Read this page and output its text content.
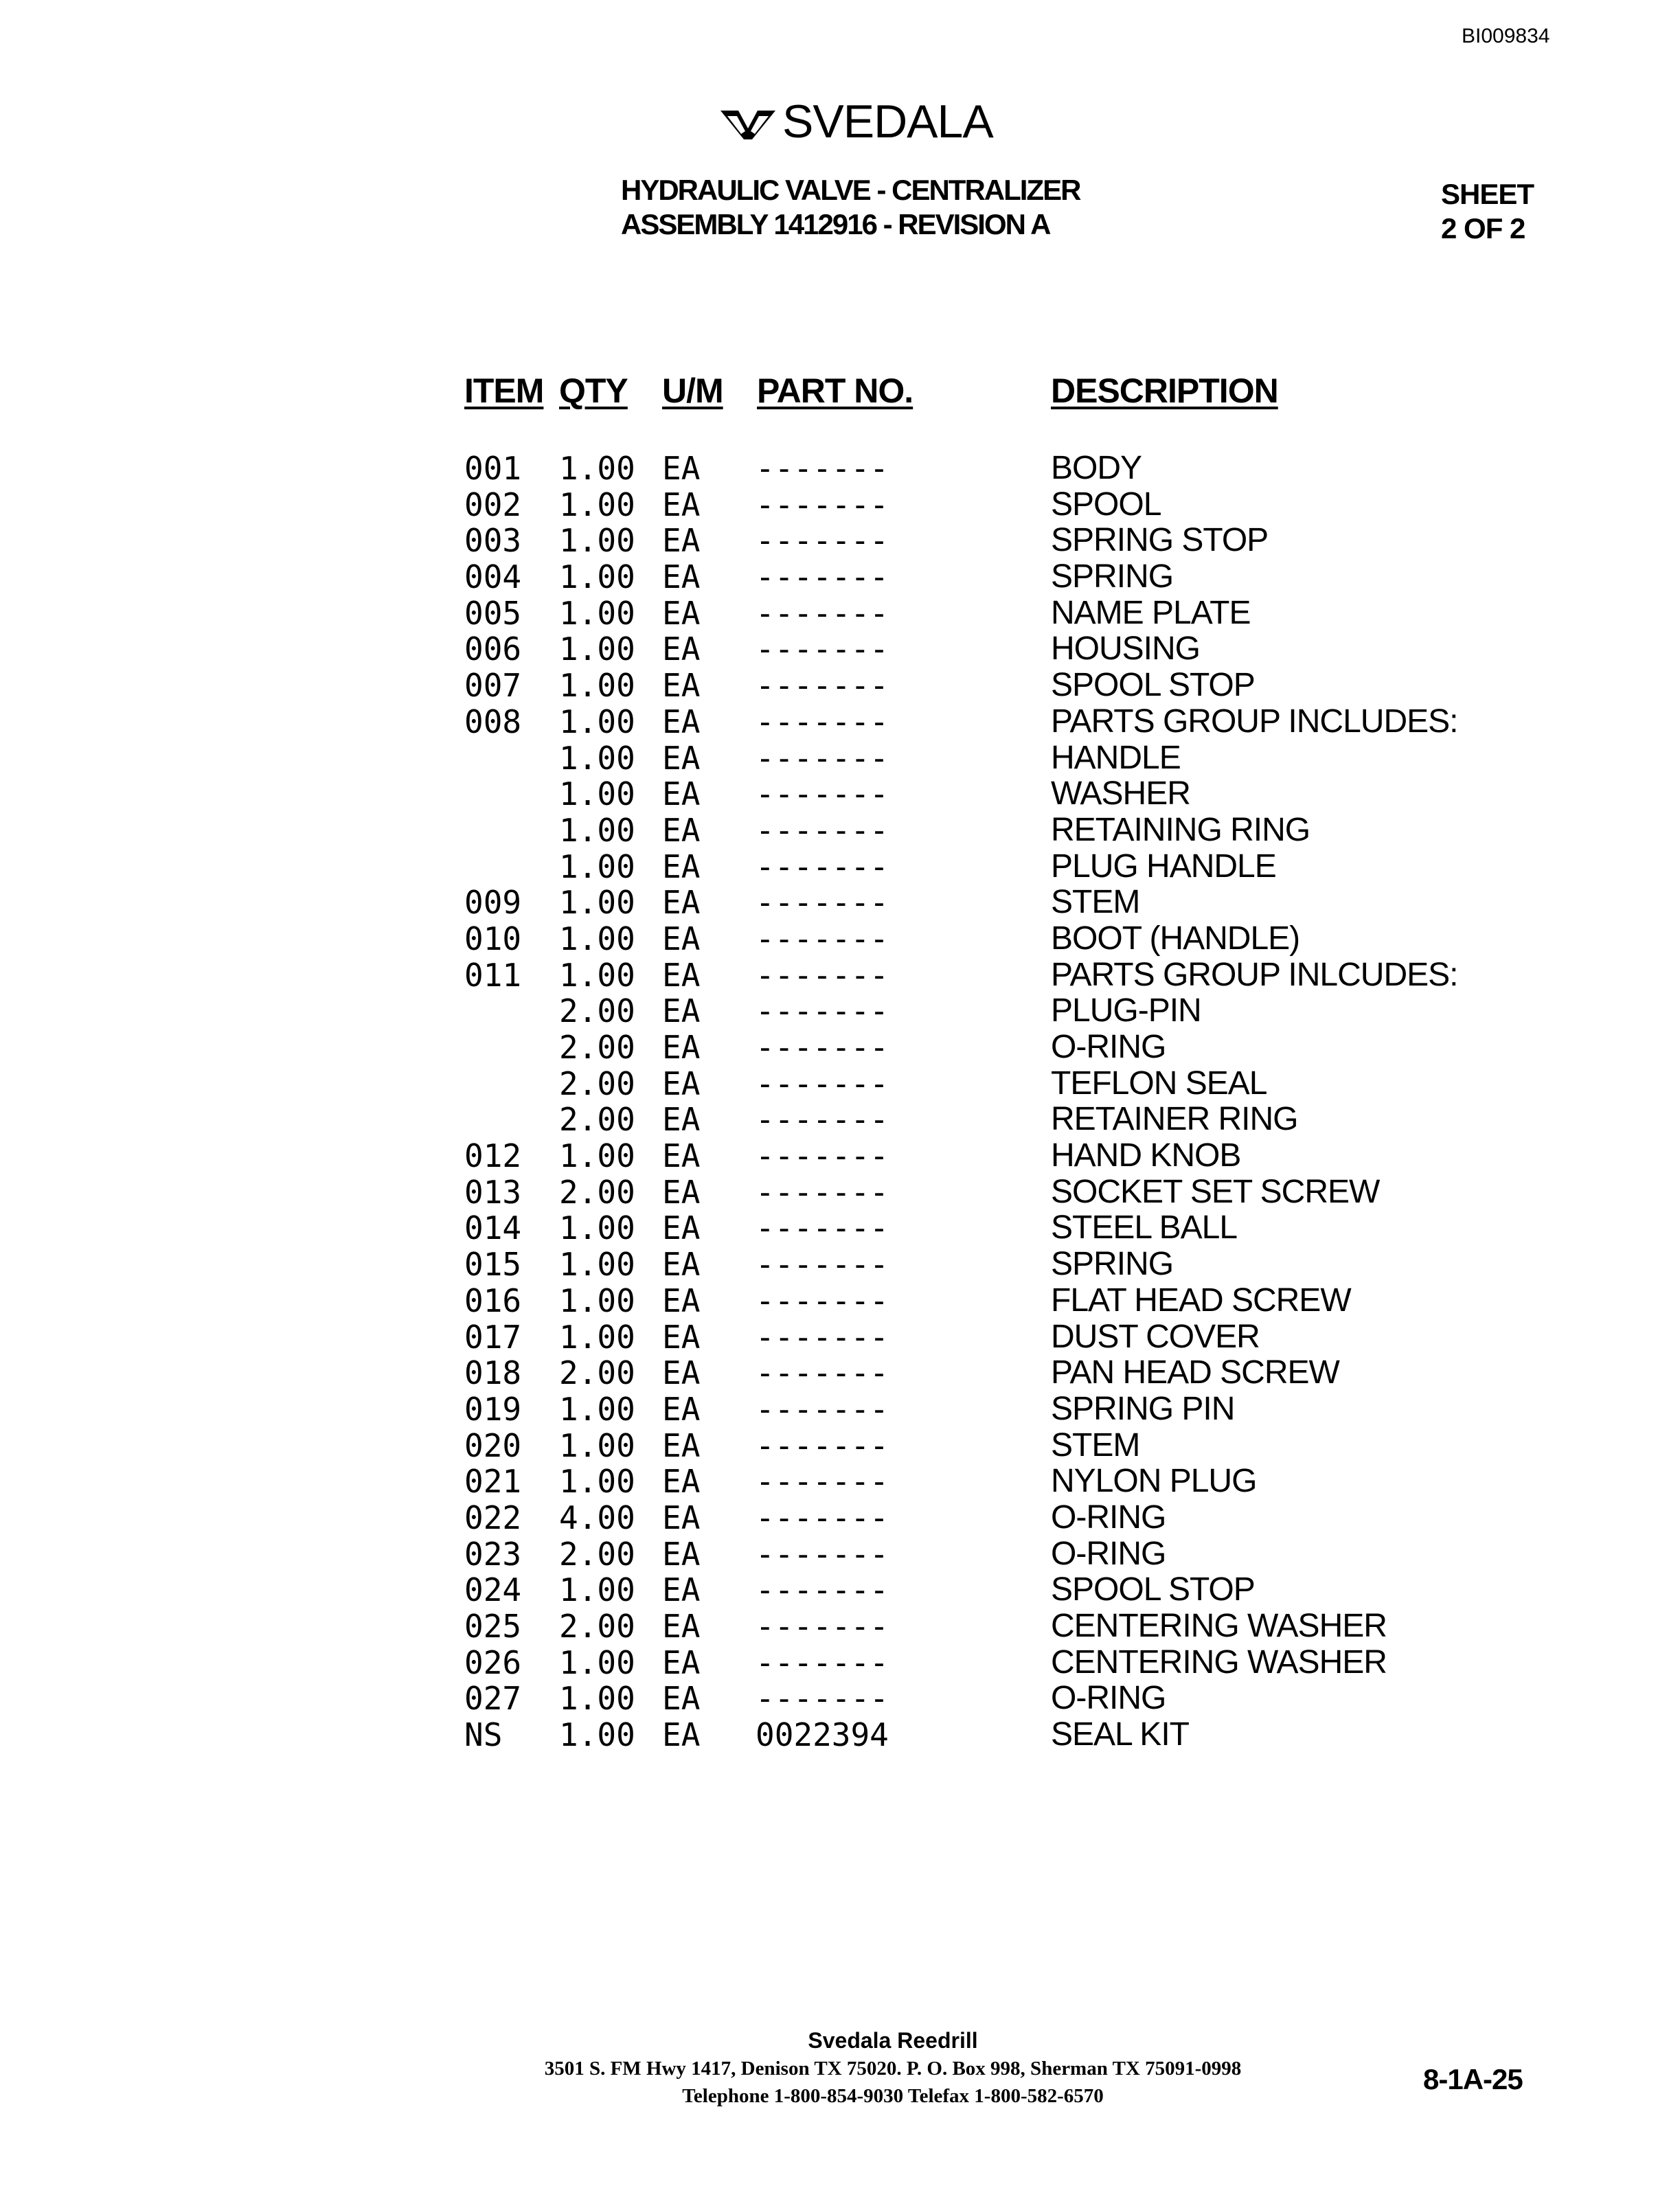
BI009834
SVEDALA
HYDRAULIC VALVE - CENTRALIZER
ASSEMBLY 1412916 - REVISION A
SHEET
2 OF 2
ITEM QTY U/M PART NO.	DESCRIPTION
001 1.00 EA -------	BODY
002 1.00 EA -------	SPOOL
003 1.00 EA -------	SPRING STOP
004 1.00 EA -------	SPRING
005 1.00 EA -------	NAME PLATE
006 1.00 EA -------	HOUSING
007 1.00 EA -------	SPOOL STOP
008 1.00 EA -------	PARTS GROUP INCLUDES:
1.00 EA -------	HANDLE
1.00 EA -------	WASHER
1.00 EA -------	RETAINING RING
1.00 EA -------	PLUG HANDLE
009 1.00 EA -------	STEM
010 1.00 EA -------	BOOT (HANDLE)
011 1.00 EA -------	PARTS GROUP INLCUDES:
2.00 EA -------	PLUG-PIN
2.00 EA -------	O-RING
2.00 EA -------	TEFLON SEAL
2.00 EA -------	RETAINER RING
012 1.00 EA -------	HAND KNOB
013 2.00 EA -------	SOCKET SET SCREW
014 1.00 EA -------	STEEL BALL
015 1.00 EA -------	SPRING
016 1.00 EA -------	FLAT HEAD SCREW
017 1.00 EA -------	DUST COVER
018 2.00 EA -------	PAN HEAD SCREW
019 1.00 EA -------	SPRING PIN
020 1.00 EA -------	STEM
021 1.00 EA -------	NYLON PLUG
022 4.00 EA -------	O-RING
023 2.00 EA -------	O-RING
024 1.00 EA -------	SPOOL STOP
025 2.00 EA -------	CENTERING WASHER
026 1.00 EA -------	CENTERING WASHER
027 1.00 EA -------	O-RING
NS 1.00 EA 0022394	SEAL KIT
Svedala Reedrill
3501 S. FM Hwy 1417, Denison TX 75020. P. O. Box 998, Sherman TX 75091-0998
Telephone 1-800-854-9030 Telefax 1-800-582-6570
8-1A-25
